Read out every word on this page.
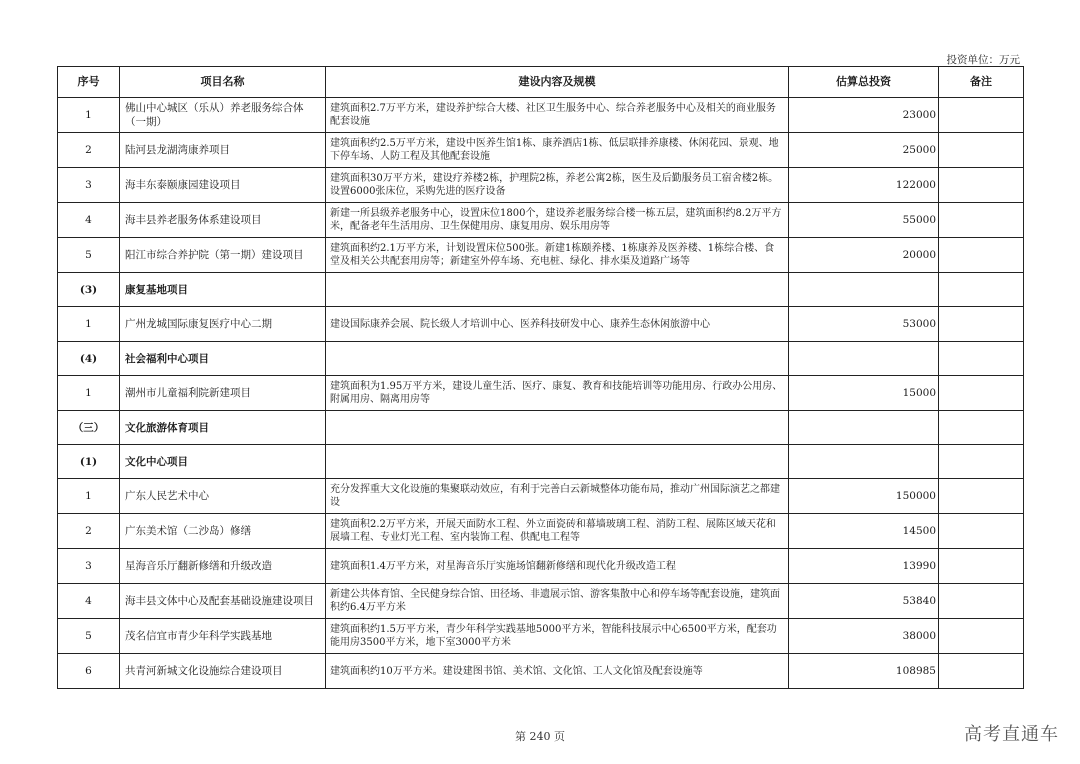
投资单位：万元
序号	项目名称	建设内容及规模	估算总投资	备注
1	佛山中心城区（乐从）养老服务综合体（一期）	建筑面积2.7万平方米，建设养护综合大楼、社区卫生服务中心、综合养老服务中心及相关的商业服务配套设施	23000	
2	陆河县龙湖湾康养项目	建筑面积约2.5万平方米，建设中医养生馆1栋、康养酒店1栋、低层联排养康楼、休闲花园、景观、地下停车场、人防工程及其他配套设施	25000	
3	海丰东泰颐康园建设项目	建筑面积30万平方米，建设疗养楼2栋，护理院2栋，养老公寓2栋，医生及后勤服务员工宿舍楼2栋。设置6000张床位，采购先进的医疗设备	122000	
4	海丰县养老服务体系建设项目	新建一所县级养老服务中心，设置床位1800个，建设养老服务综合楼一栋五层，建筑面积约8.2万平方米，配备老年生活用房、卫生保健用房、康复用房、娱乐用房等	55000	
5	阳江市综合养护院（第一期）建设项目	建筑面积约2.1万平方米，计划设置床位500张。新建1栋颐养楼、1栋康养及医养楼、1栋综合楼、食堂及相关公共配套用房等；新建室外停车场、充电桩、绿化、排水渠及道路广场等	20000	
(3)	康复基地项目			
1	广州龙城国际康复医疗中心二期	建设国际康养会展、院长级人才培训中心、医养科技研发中心、康养生态休闲旅游中心	53000	
(4)	社会福利中心项目			
1	潮州市儿童福利院新建项目	建筑面积为1.95万平方米，建设儿童生活、医疗、康复、教育和技能培训等功能用房、行政办公用房、附属用房、隔离用房等	15000	
（三）	文化旅游体育项目			
(1)	文化中心项目			
1	广东人民艺术中心	充分发挥重大文化设施的集聚联动效应，有利于完善白云新城整体功能布局，推动广州国际演艺之都建设	150000	
2	广东美术馆（二沙岛）修缮	建筑面积2.2万平方米，开展天面防水工程、外立面瓷砖和幕墙玻璃工程、消防工程、展陈区域天花和展墙工程、专业灯光工程、室内装饰工程、供配电工程等	14500	
3	星海音乐厅翻新修缮和升级改造	建筑面积1.4万平方米，对星海音乐厅实施场馆翻新修缮和现代化升级改造工程	13990	
4	海丰县文体中心及配套基础设施建设项目	新建公共体育馆、全民健身综合馆、田径场、非遗展示馆、游客集散中心和停车场等配套设施，建筑面积约6.4万平方米	53840	
5	茂名信宜市青少年科学实践基地	建筑面积约1.5万平方米，青少年科学实践基地5000平方米，智能科技展示中心6500平方米，配套功能用房3500平方米，地下室3000平方米	38000	
6	共青河新城文化设施综合建设项目	建筑面积约10万平方米。建设建图书馆、美术馆、文化馆、工人文化馆及配套设施等	108985	
第 240 页	高考直通车
